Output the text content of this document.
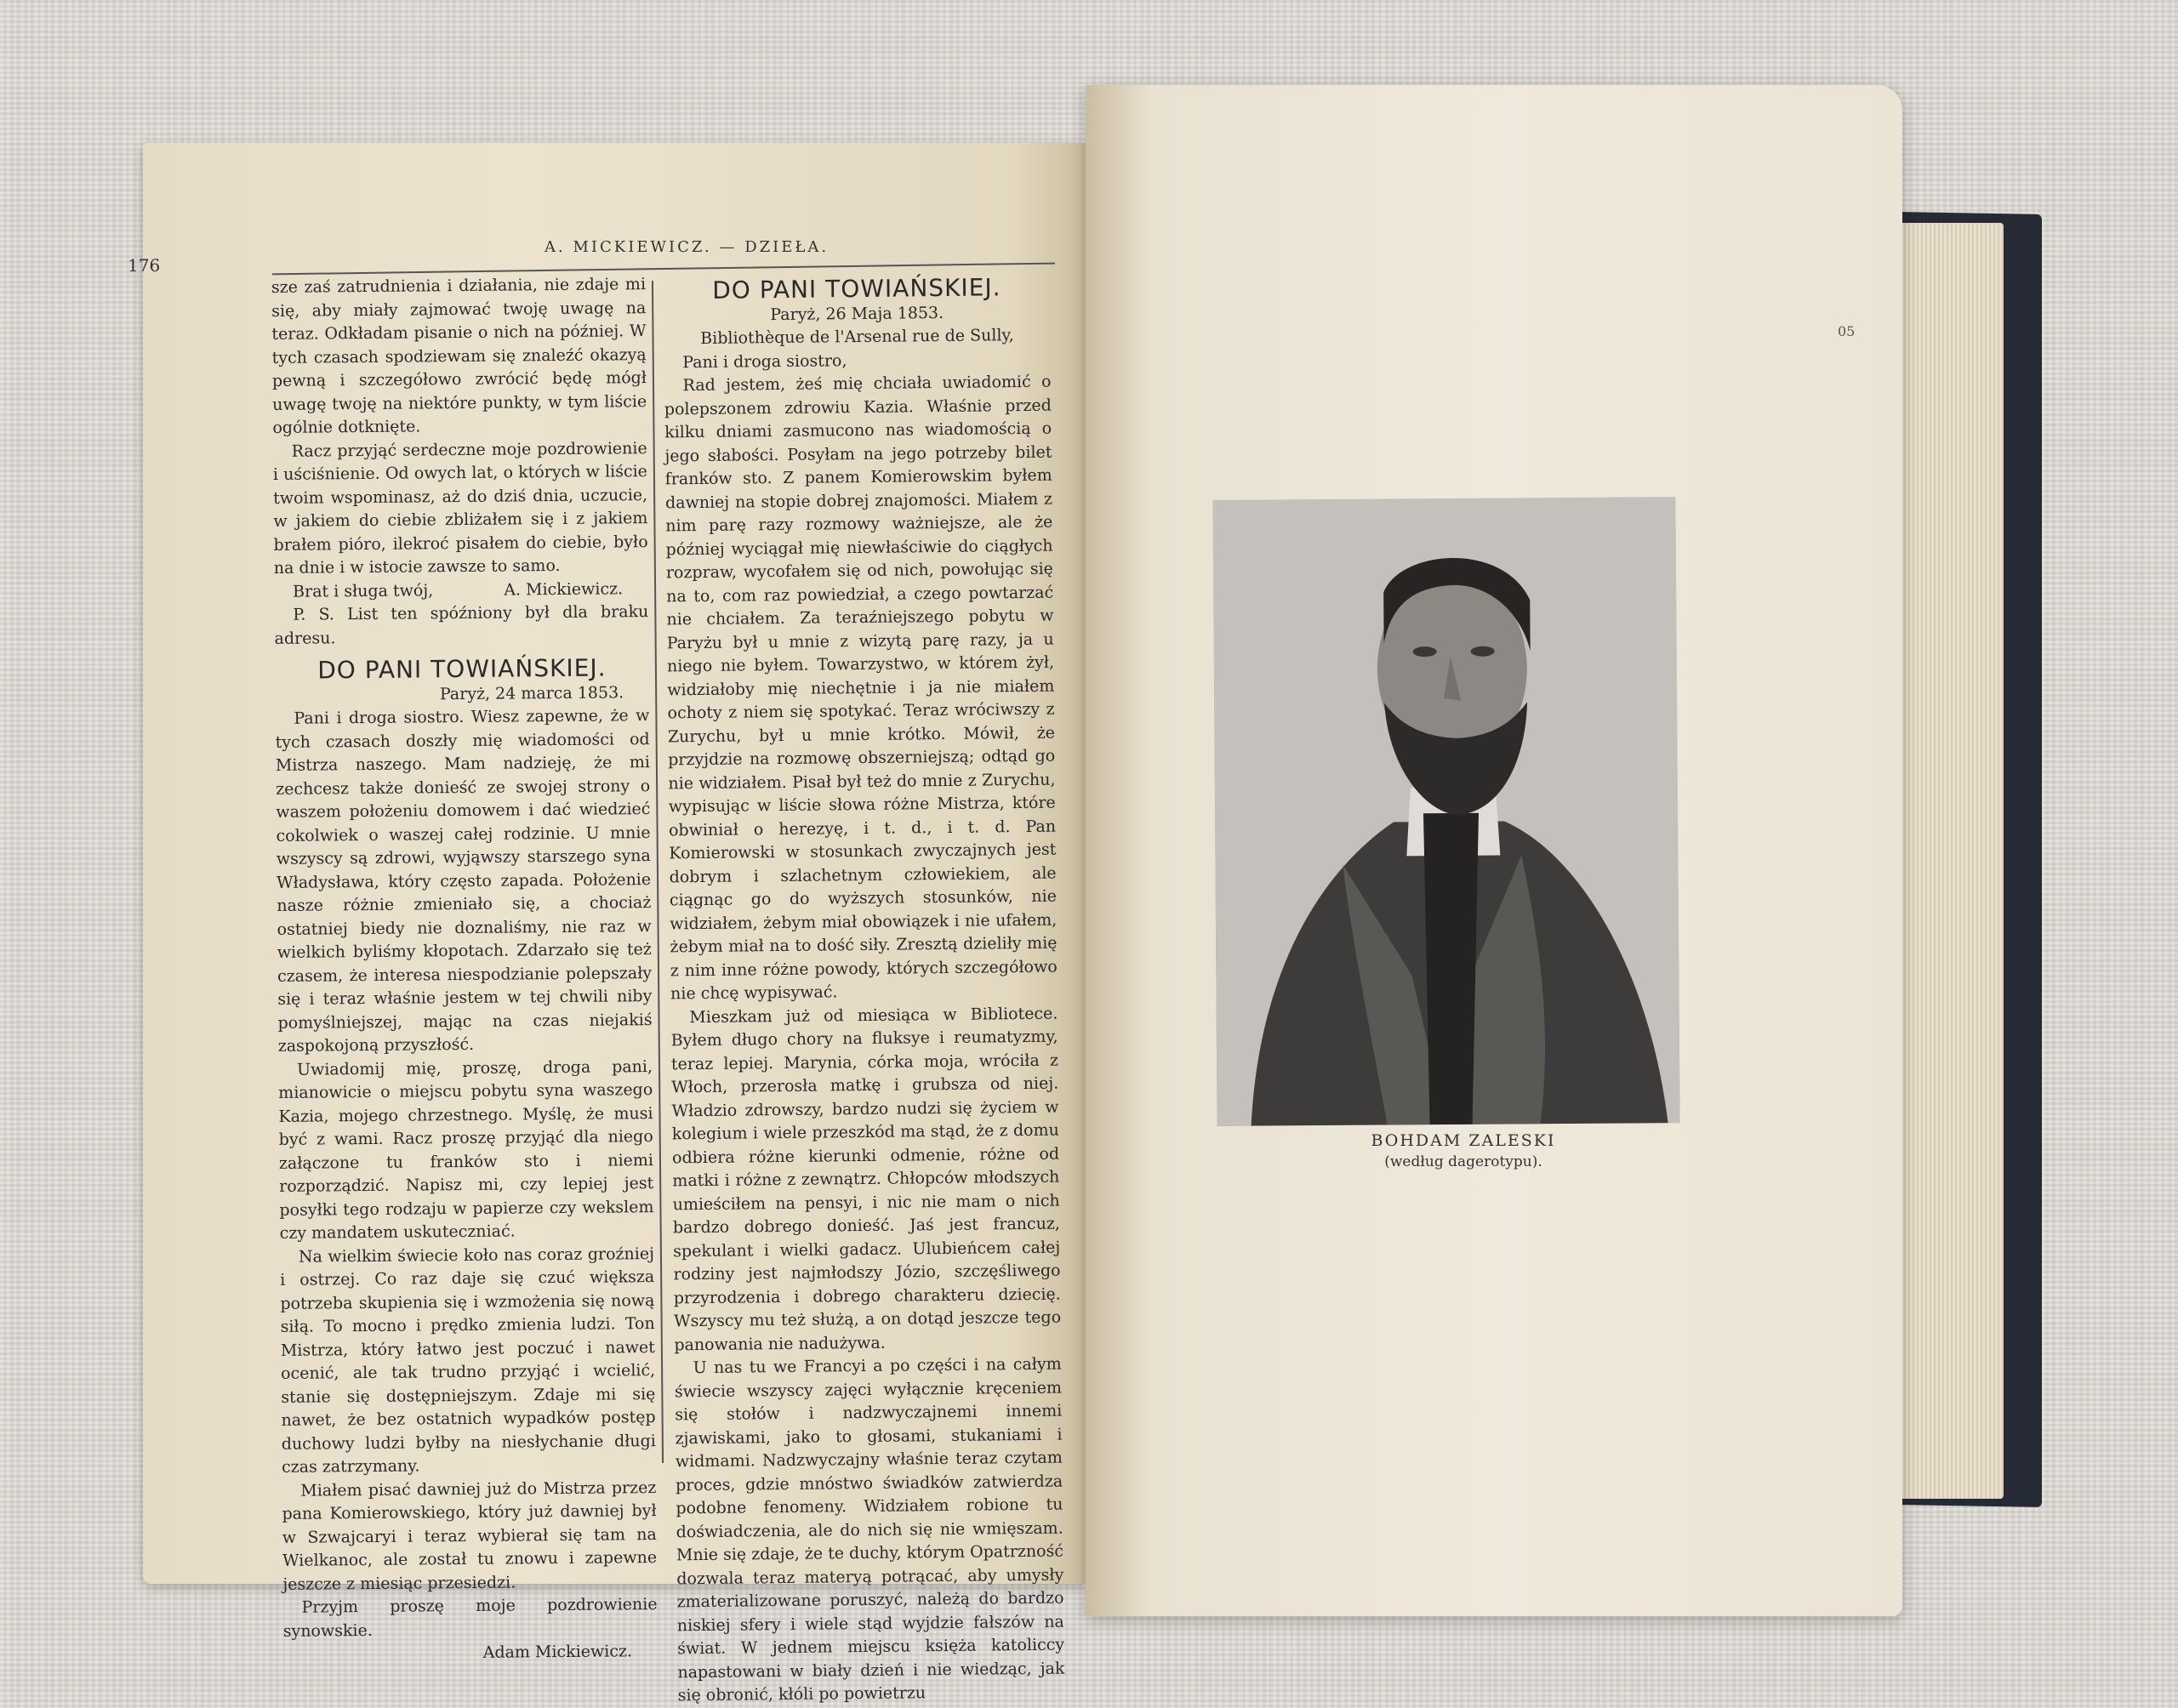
176
A. MICKIEWICZ. — DZIEŁA.

sze zaś zatrudnienia i działania, nie zdaje mi się, aby miały zajmować twoję uwagę na teraz. Odkładam pisanie o nich na później. W tych czasach spodziewam się znaleźć okazyą pewną i szczegółowo zwrócić będę mógł uwagę twoję na niektóre punkty, w tym liście ogólnie dotknięte.

Racz przyjąć serdeczne moje pozdrowienie i uściśnienie. Od owych lat, o których w liście twoim wspominasz, aż do dziś dnia, uczucie, w jakiem do ciebie zbliżałem się i z jakiem brałem pióro, ilekroć pisałem do ciebie, było na dnie i w istocie zawsze to samo.

Brat i sługa twój,	A. Mickiewicz.

P. S. List ten spóźniony był dla braku adresu.

DO PANI TOWIAŃSKIEJ.

Paryż, 24 marca 1853.

Pani i droga siostro. Wiesz zapewne, że w tych czasach doszły mię wiadomości od Mistrza naszego. Mam nadzieję, że mi zechcesz także donieść ze swojej strony o waszem położeniu domowem i dać wiedzieć cokolwiek o waszej całej rodzinie. U mnie wszyscy są zdrowi, wyjąwszy starszego syna Władysława, który często zapada. Położenie nasze różnie zmieniało się, a chociaż ostatniej biedy nie doznaliśmy, nie raz w wielkich byliśmy kłopotach. Zdarzało się też czasem, że interesa niespodzianie polepszały się i teraz właśnie jestem w tej chwili niby pomyślniejszej, mając na czas niejakiś zaspokojoną przyszłość.

Uwiadomij mię, proszę, droga pani, mianowicie o miejscu pobytu syna waszego Kazia, mojego chrzestnego. Myślę, że musi być z wami. Racz proszę przyjąć dla niego załączone tu franków sto i niemi rozporządzić. Napisz mi, czy lepiej jest posyłki tego rodzaju w papierze czy wekslem czy mandatem uskuteczniać.

Na wielkim świecie koło nas coraz groźniej i ostrzej. Co raz daje się czuć większa potrzeba skupienia się i wzmożenia się nową siłą. To mocno i prędko zmienia ludzi. Ton Mistrza, który łatwo jest poczuć i nawet ocenić, ale tak trudno przyjąć i wcielić, stanie się dostępniejszym. Zdaje mi się nawet, że bez ostatnich wypadków postęp duchowy ludzi byłby na niesłychanie długi czas zatrzymany.

Miałem pisać dawniej już do Mistrza przez pana Komierowskiego, który już dawniej był w Szwajcaryi i teraz wybierał się tam na Wielkanoc, ale został tu znowu i zapewne jeszcze z miesiąc przesiedzi.

Przyjm proszę moje pozdrowienie synowskie.

Adam Mickiewicz.

DO PANI TOWIAŃSKIEJ.

Paryż, 26 Maja 1853.

Bibliothèque de l'Arsenal rue de Sully,

Pani i droga siostro,

Rad jestem, żeś mię chciała uwiadomić o polepszonem zdrowiu Kazia. Właśnie przed kilku dniami zasmucono nas wiadomością o jego słabości. Posyłam na jego potrzeby bilet franków sto. Z panem Komierowskim byłem dawniej na stopie dobrej znajomości. Miałem z nim parę razy rozmowy ważniejsze, ale że później wyciągał mię niewłaściwie do ciągłych rozpraw, wycofałem się od nich, powołując się na to, com raz powiedział, a czego powtarzać nie chciałem. Za teraźniejszego pobytu w Paryżu był u mnie z wizytą parę razy, ja u niego nie byłem. Towarzystwo, w którem żył, widziałoby mię niechętnie i ja nie miałem ochoty z niem się spotykać. Teraz wróciwszy z Zurychu, był u mnie krótko. Mówił, że przyjdzie na rozmowę obszerniejszą; odtąd go nie widziałem. Pisał był też do mnie z Zurychu, wypisując w liście słowa różne Mistrza, które obwiniał o herezyę, i t. d., i t. d. Pan Komierowski w stosunkach zwyczajnych jest dobrym i szlachetnym człowiekiem, ale ciągnąc go do wyższych stosunków, nie widziałem, żebym miał obowiązek i nie ufałem, żebym miał na to dość siły. Zresztą dzieliły mię z nim inne różne powody, których szczegółowo nie chcę wypisywać.

Mieszkam już od miesiąca w Bibliotece. Byłem długo chory na fluksye i reumatyzmy, teraz lepiej. Marynia, córka moja, wróciła z Włoch, przerosła matkę i grubsza od niej. Władzio zdrowszy, bardzo nudzi się życiem w kolegium i wiele przeszkód ma stąd, że z domu odbiera różne kierunki odmenie, różne od matki i różne z zewnątrz. Chłopców młodszych umieściłem na pensyi, i nic nie mam o nich bardzo dobrego donieść. Jaś jest francuz, spekulant i wielki gadacz. Ulubieńcem całej rodziny jest najmłodszy Józio, szczęśliwego przyrodzenia i dobrego charakteru dziecię. Wszyscy mu też służą, a on dotąd jeszcze tego panowania nie nadużywa.

U nas tu we Francyi a po części i na całym świecie wszyscy zajęci wyłącznie kręceniem się stołów i nadzwyczajnemi innemi zjawiskami, jako to głosami, stukaniami i widmami. Nadzwyczajny właśnie teraz czytam proces, gdzie mnóstwo świadków zatwierdza podobne fenomeny. Widziałem robione tu doświadczenia, ale do nich się nie wmięszam. Mnie się zdaje, że te duchy, którym Opatrzność dozwala teraz materyą potrącać, aby umysły zmaterializowane poruszyć, należą do bardzo niskiej sfery i wiele stąd wyjdzie fałszów na świat. W jednem miejscu księża katoliccy napastowani w biały dzień i nie wiedząc, jak się obronić, kłóli po powietrzu

BOHDAM ZALESKI
(według dagerotypu).
05
